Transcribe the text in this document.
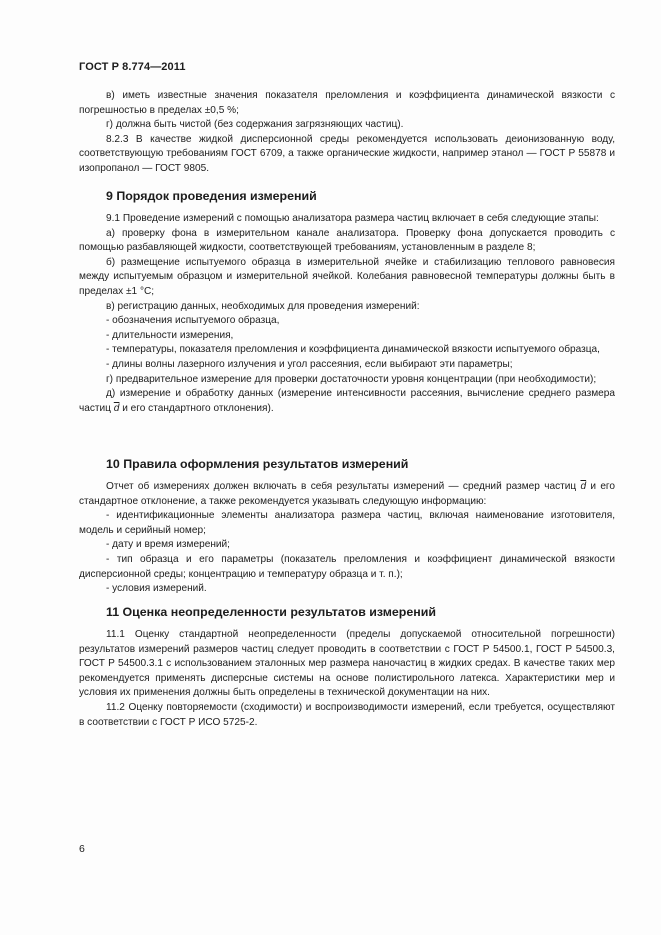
ГОСТ Р 8.774—2011

в) иметь известные значения показателя преломления и коэффициента динамической вязкости с погрешностью в пределах ±0,5 %;

г) должна быть чистой (без содержания загрязняющих частиц).

8.2.3 В качестве жидкой дисперсионной среды рекомендуется использовать деионизованную воду, соответствующую требованиям ГОСТ 6709, а также органические жидкости, например этанол — ГОСТ Р 55878 и изопропанол — ГОСТ 9805.

9 Порядок проведения измерений

9.1 Проведение измерений с помощью анализатора размера частиц включает в себя следующие этапы:

а) проверку фона в измерительном канале анализатора. Проверку фона допускается проводить с помощью разбавляющей жидкости, соответствующей требованиям, установленным в разделе 8;

б) размещение испытуемого образца в измерительной ячейке и стабилизацию теплового равновесия между испытуемым образцом и измерительной ячейкой. Колебания равновесной температуры должны быть в пределах ±1 °С;

в) регистрацию данных, необходимых для проведения измерений:

- обозначения испытуемого образца,

- длительности измерения,

- температуры, показателя преломления и коэффициента динамической вязкости испытуемого образца,

- длины волны лазерного излучения и угол рассеяния, если выбирают эти параметры;

г) предварительное измерение для проверки достаточности уровня концентрации (при необходимости);

д) измерение и обработку данных (измерение интенсивности рассеяния, вычисление среднего размера частиц $\overline{d}$ и его стандартного отклонения).

10 Правила оформления результатов измерений

Отчет об измерениях должен включать в себя результаты измерений — средний размер частиц $\overline{d}$ и его стандартное отклонение, а также рекомендуется указывать следующую информацию:

- идентификационные элементы анализатора размера частиц, включая наименование изготовителя, модель и серийный номер;

- дату и время измерений;

- тип образца и его параметры (показатель преломления и коэффициент динамической вязкости дисперсионной среды; концентрацию и температуру образца и т. п.);

- условия измерений.

11 Оценка неопределенности результатов измерений

11.1 Оценку стандартной неопределенности (пределы допускаемой относительной погрешности) результатов измерений размеров частиц следует проводить в соответствии с ГОСТ Р 54500.1, ГОСТ Р 54500.3, ГОСТ Р 54500.3.1 с использованием эталонных мер размера наночастиц в жидких средах. В качестве таких мер рекомендуется применять дисперсные системы на основе полистирольного латекса. Характеристики мер и условия их применения должны быть определены в технической документации на них.

11.2 Оценку повторяемости (сходимости) и воспроизводимости измерений, если требуется, осуществляют в соответствии с ГОСТ Р ИСО 5725-2.

6
